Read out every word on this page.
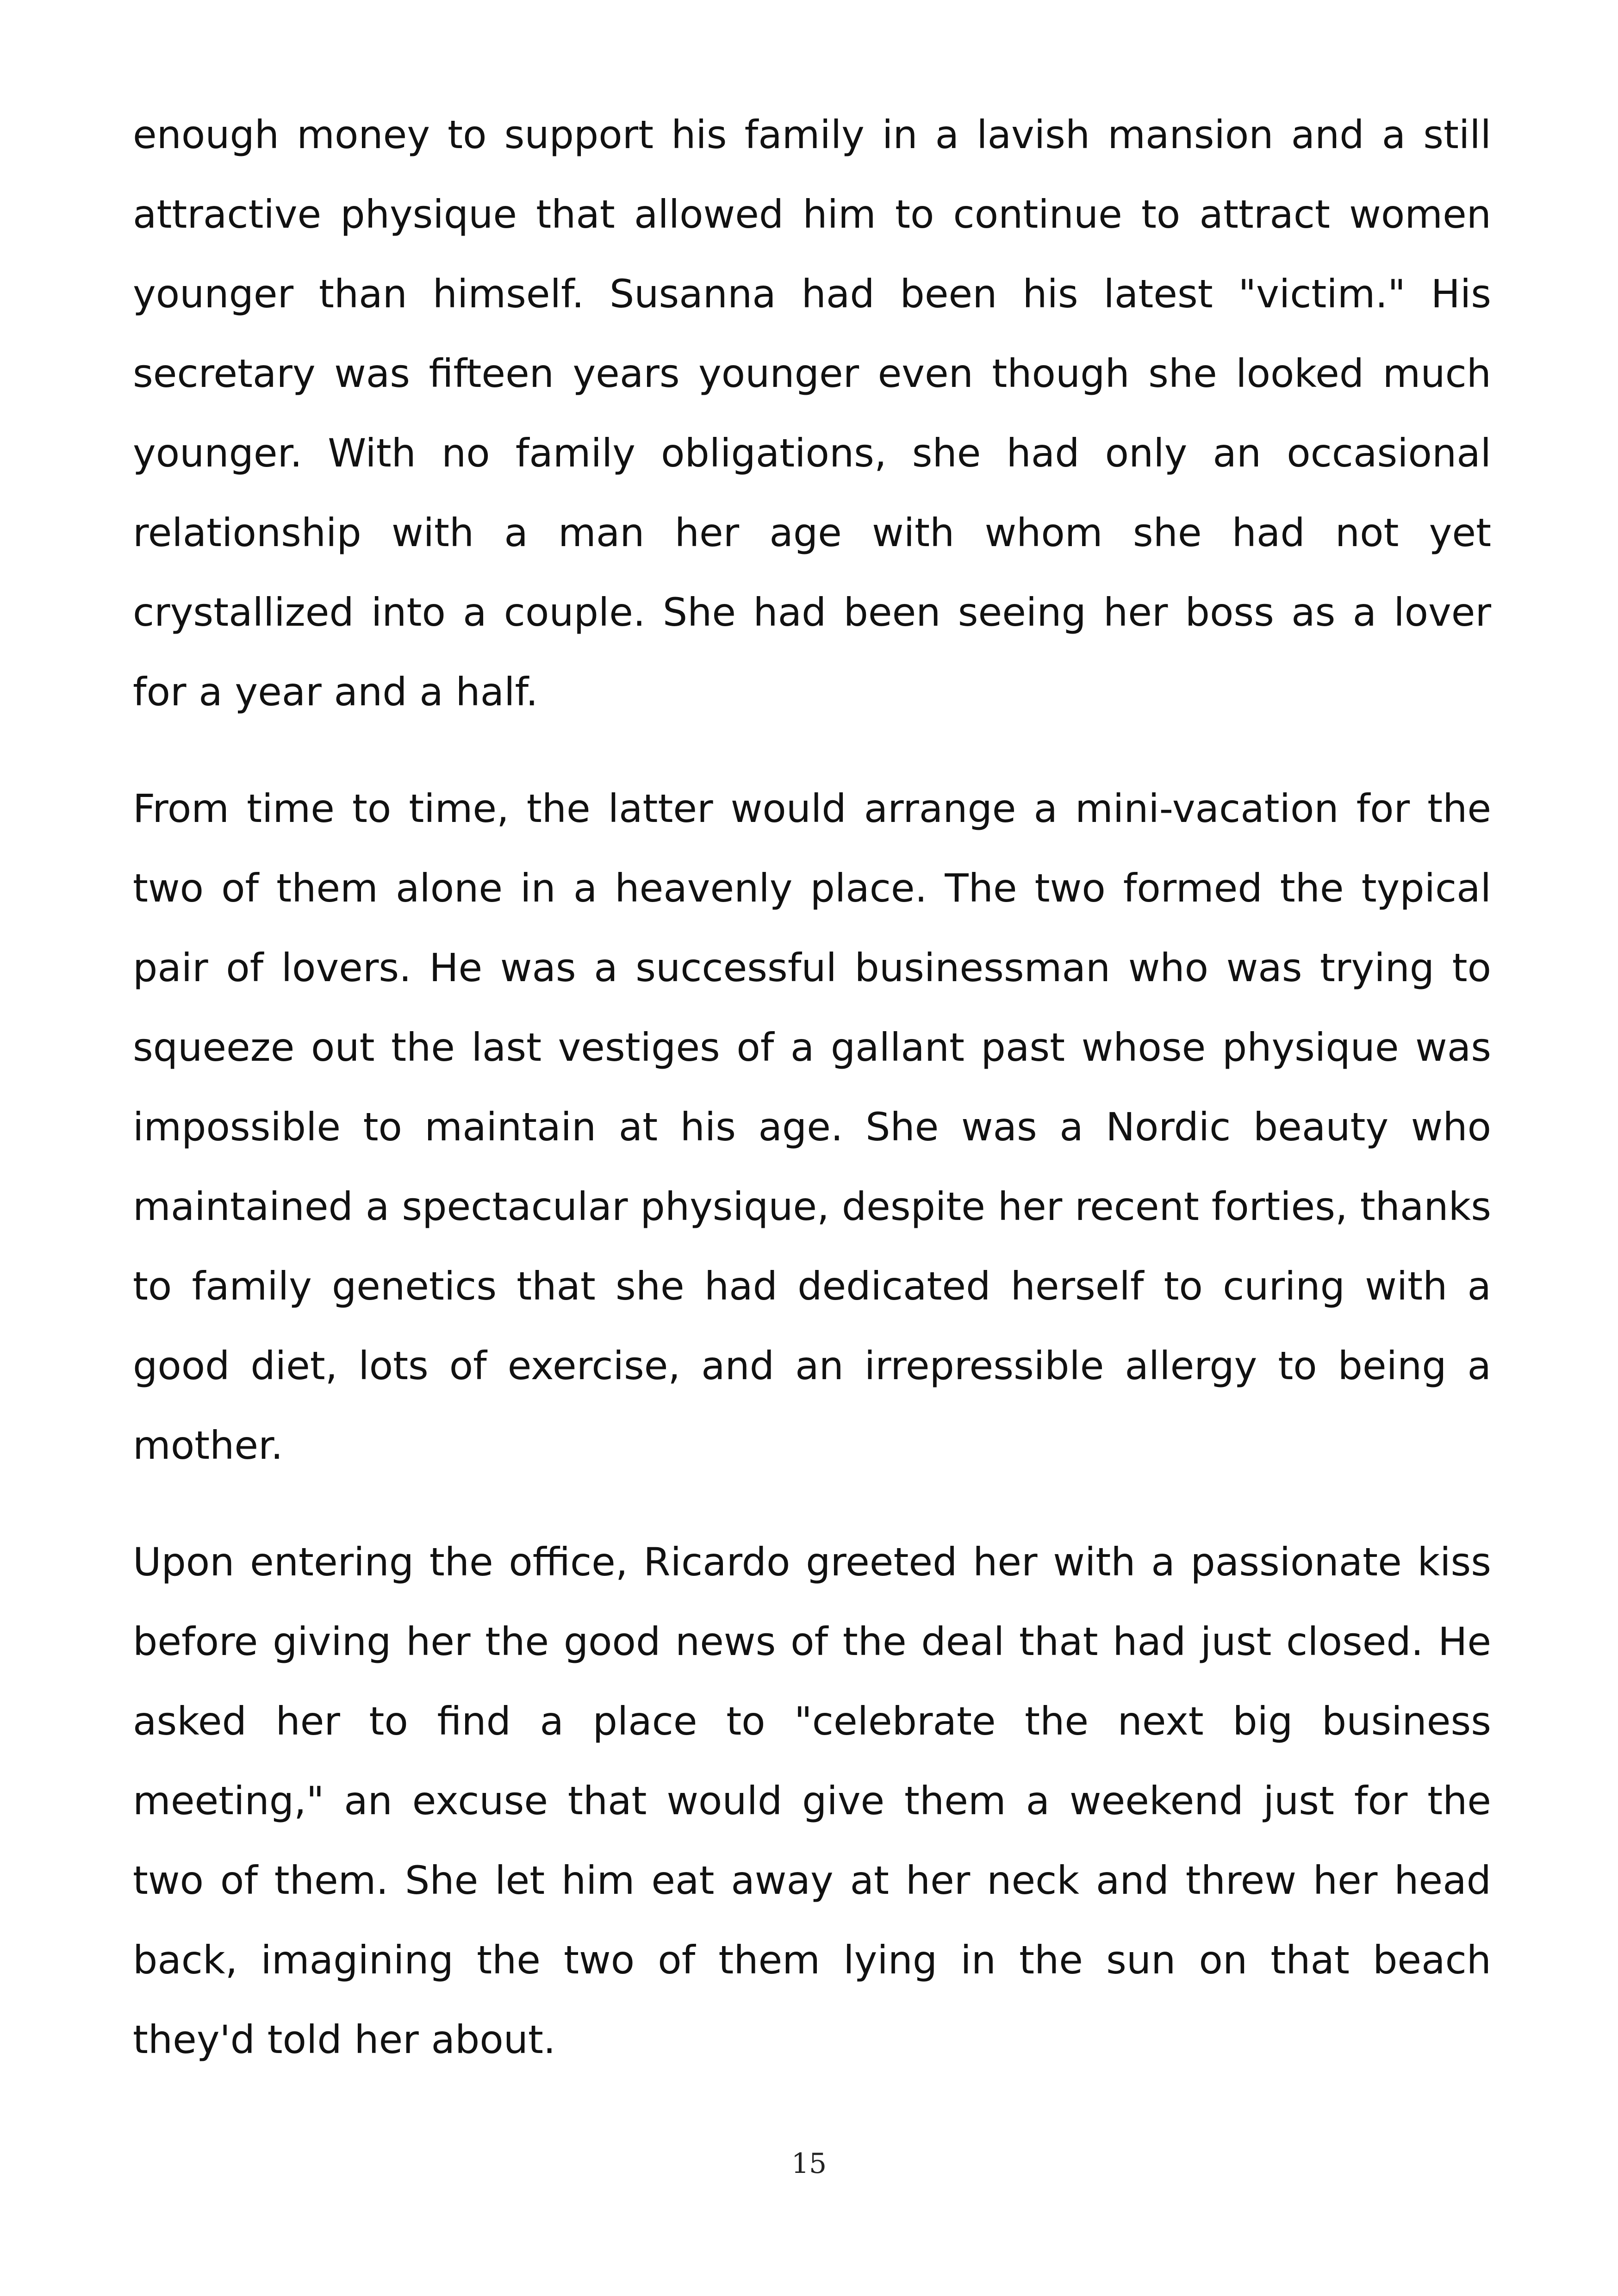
enough money to support his family in a lavish mansion and a still attractive physique that allowed him to continue to attract women younger than himself. Susanna had been his latest "victim." His secretary was fifteen years younger even though she looked much younger. With no family obligations, she had only an occasional relationship with a man her age with whom she had not yet crystallized into a couple. She had been seeing her boss as a lover for a year and a half.

From time to time, the latter would arrange a mini-vacation for the two of them alone in a heavenly place. The two formed the typical pair of lovers. He was a successful businessman who was trying to squeeze out the last vestiges of a gallant past whose physique was impossible to maintain at his age. She was a Nordic beauty who maintained a spectacular physique, despite her recent forties, thanks to family genetics that she had dedicated herself to curing with a good diet, lots of exercise, and an irrepressible allergy to being a mother.

Upon entering the office, Ricardo greeted her with a passionate kiss before giving her the good news of the deal that had just closed. He asked her to find a place to "celebrate the next big business meeting," an excuse that would give them a weekend just for the two of them. She let him eat away at her neck and threw her head back, imagining the two of them lying in the sun on that beach they'd told her about.

15
